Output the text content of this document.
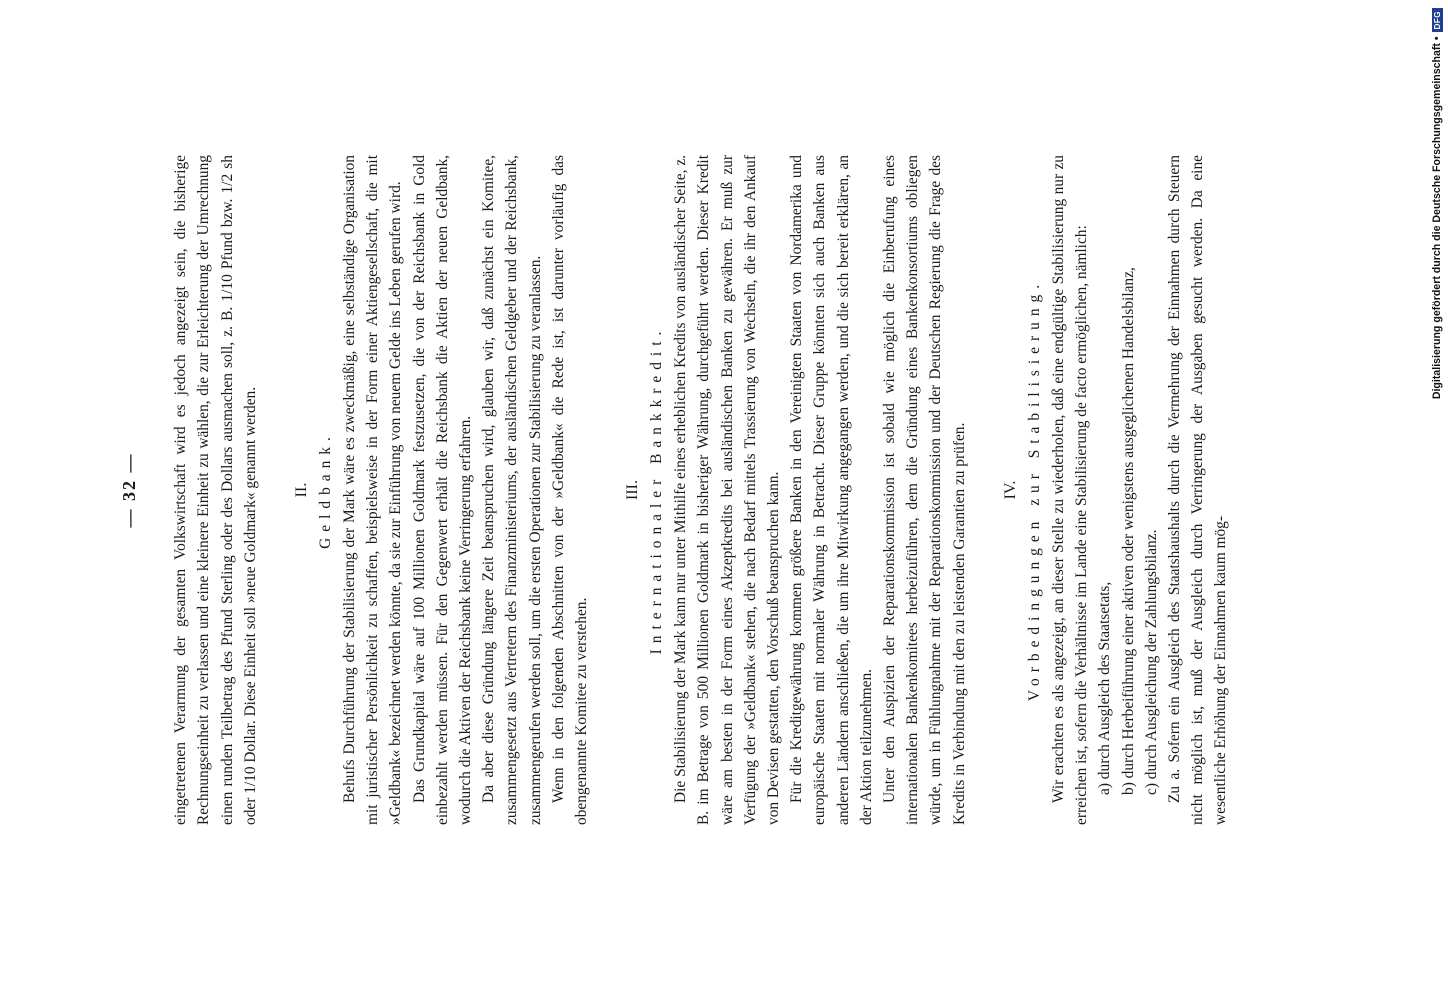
— 32 — eingetretenen Verarmung der gesamten Volkswirtschaft wird es jedoch angezeigt sein, die bisherige Rechnungseinheit zu verlassen und eine kleinere Einheit zu wählen, die zur Erleichterung der Umrechnung einen runden Teilbetrag des Pfund Sterling oder des Dollars ausmachen soll, z. B. 1/10 Pfund bzw. 1/2 sh oder 1/10 Dollar. Diese Einheit soll »neue Goldmark« genannt werden. II. Geldbank. Behufs Durchführung der Stabilisierung der Mark wäre es zweckmäßig, eine selbständige Organisation mit juristischer Persönlichkeit zu schaffen, beispielsweise in der Form einer Aktiengesellschaft, die mit »Geldbank« bezeichnet werden könnte, da sie zur Einführung von neuem Gelde ins Leben gerufen wird. Das Grundkapital wäre auf 100 Millionen Goldmark festzusetzen, die von der Reichsbank in Gold einbezahlt werden müssen. Für den Gegenwert erhält die Reichsbank die Aktien der neuen Geldbank, wodurch die Aktiven der Reichsbank keine Verringerung erfahren. Da aber diese Gründung längere Zeit beanspruchen wird, glauben wir, daß zunächst ein Komitee, zusammengesetzt aus Vertretern des Finanzministeriums, der ausländischen Geldgeber und der Reichsbank, zusammengerufen werden soll, um die ersten Operationen zur Stabilisierung zu veranlassen. Wenn in den folgenden Abschnitten von der »Geldbank« die Rede ist, ist darunter vorläufig das obengenannte Komitee zu verstehen.

III. Internationaler Bankkredit. Die Stabilisierung der Mark kann nur unter Mithilfe eines erheblichen Kredits von ausländischer Seite, z. B. im Betrage von 500 Millionen Goldmark in bisheriger Währung, durchgeführt werden. Dieser Kredit wäre am besten in der Form eines Akzeptkredits bei ausländischen Banken zu gewähren. Er muß zur Verfügung der »Geldbank« stehen, die nach Bedarf mittels Trassierung von Wechseln, die ihr den Ankauf von Devisen gestatten, den Vorschuß beanspruchen kann. Für die Kreditgewährung kommen größere Banken in den Vereinigten Staaten von Nordamerika und europäische Staaten mit normaler Währung in Betracht. Dieser Gruppe könnten sich auch Banken aus anderen Ländern anschließen, die um ihre Mitwirkung angegangen werden, und die sich bereit erklären, an der Aktion teilzunehmen. Unter den Auspizien der Reparationskommission ist sobald wie möglich die Einberufung eines internationalen Bankenkomitees herbeizuführen, dem die Gründung eines Bankenkonsortiums obliegen würde, um in Fühlungnahme mit der Reparationskommission und der Deutschen Regierung die Frage des Kredits in Verbindung mit den zu leistenden Garantien zu prüfen. IV. Vorbedingungen zur Stabilisierung. Wir erachten es als angezeigt, an dieser Stelle zu wiederholen, daß eine endgültige Stabilisierung nur zu erreichen ist, sofern die Verhältnisse im Lande eine Stabilisierung de facto ermöglichen, nämlich: a) durch Ausgleich des Staatsetats, b) durch Herbeiführung einer aktiven oder wenigstens ausgeglichenen Handelsbilanz, c) durch Ausgleichung der Zahlungsbilanz. Zu a. Sofern ein Ausgleich des Staatshaushalts durch die Vermehrung der Einnahmen durch Steuern nicht möglich ist, muß der Ausgleich durch Verringerung der Ausgaben gesucht werden. Da eine wesentliche Erhöhung der Einnahmen kaum mög-

Digitalisierung gefördert durch die Deutsche Forschungsgemeinschaft •
DFG
